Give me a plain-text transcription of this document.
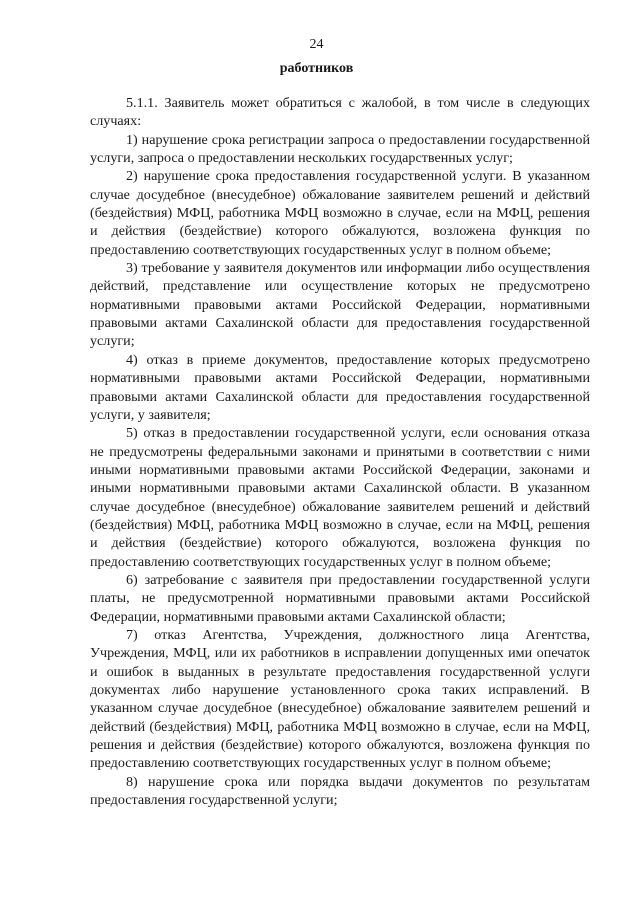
24
работников

5.1.1. Заявитель может обратиться с жалобой, в том числе в следующих случаях:

1) нарушение срока регистрации запроса о предоставлении государственной услуги, запроса о предоставлении нескольких государственных услуг;

2) нарушение срока предоставления государственной услуги. В указанном случае досудебное (внесудебное) обжалование заявителем решений и действий (бездействия) МФЦ, работника МФЦ возможно в случае, если на МФЦ, решения и действия (бездействие) которого обжалуются, возложена функция по предоставлению соответствующих государственных услуг в полном объеме;

3) требование у заявителя документов или информации либо осуществления действий, представление или осуществление которых не предусмотрено нормативными правовыми актами Российской Федерации, нормативными правовыми актами Сахалинской области для предоставления государственной услуги;

4) отказ в приеме документов, предоставление которых предусмотрено нормативными правовыми актами Российской Федерации, нормативными правовыми актами Сахалинской области для предоставления государственной услуги, у заявителя;

5) отказ в предоставлении государственной услуги, если основания отказа не предусмотрены федеральными законами и принятыми в соответствии с ними иными нормативными правовыми актами Российской Федерации, законами и иными нормативными правовыми актами Сахалинской области. В указанном случае досудебное (внесудебное) обжалование заявителем решений и действий (бездействия) МФЦ, работника МФЦ возможно в случае, если на МФЦ, решения и действия (бездействие) которого обжалуются, возложена функция по предоставлению соответствующих государственных услуг в полном объеме;

6) затребование с заявителя при предоставлении государственной услуги платы, не предусмотренной нормативными правовыми актами Российской Федерации, нормативными правовыми актами Сахалинской области;

7) отказ Агентства, Учреждения, должностного лица Агентства, Учреждения, МФЦ, или их работников в исправлении допущенных ими опечаток и ошибок в выданных в результате предоставления государственной услуги документах либо нарушение установленного срока таких исправлений. В указанном случае досудебное (внесудебное) обжалование заявителем решений и действий (бездействия) МФЦ, работника МФЦ возможно в случае, если на МФЦ, решения и действия (бездействие) которого обжалуются, возложена функция по предоставлению соответствующих государственных услуг в полном объеме;

8) нарушение срока или порядка выдачи документов по результатам предоставления государственной услуги;
